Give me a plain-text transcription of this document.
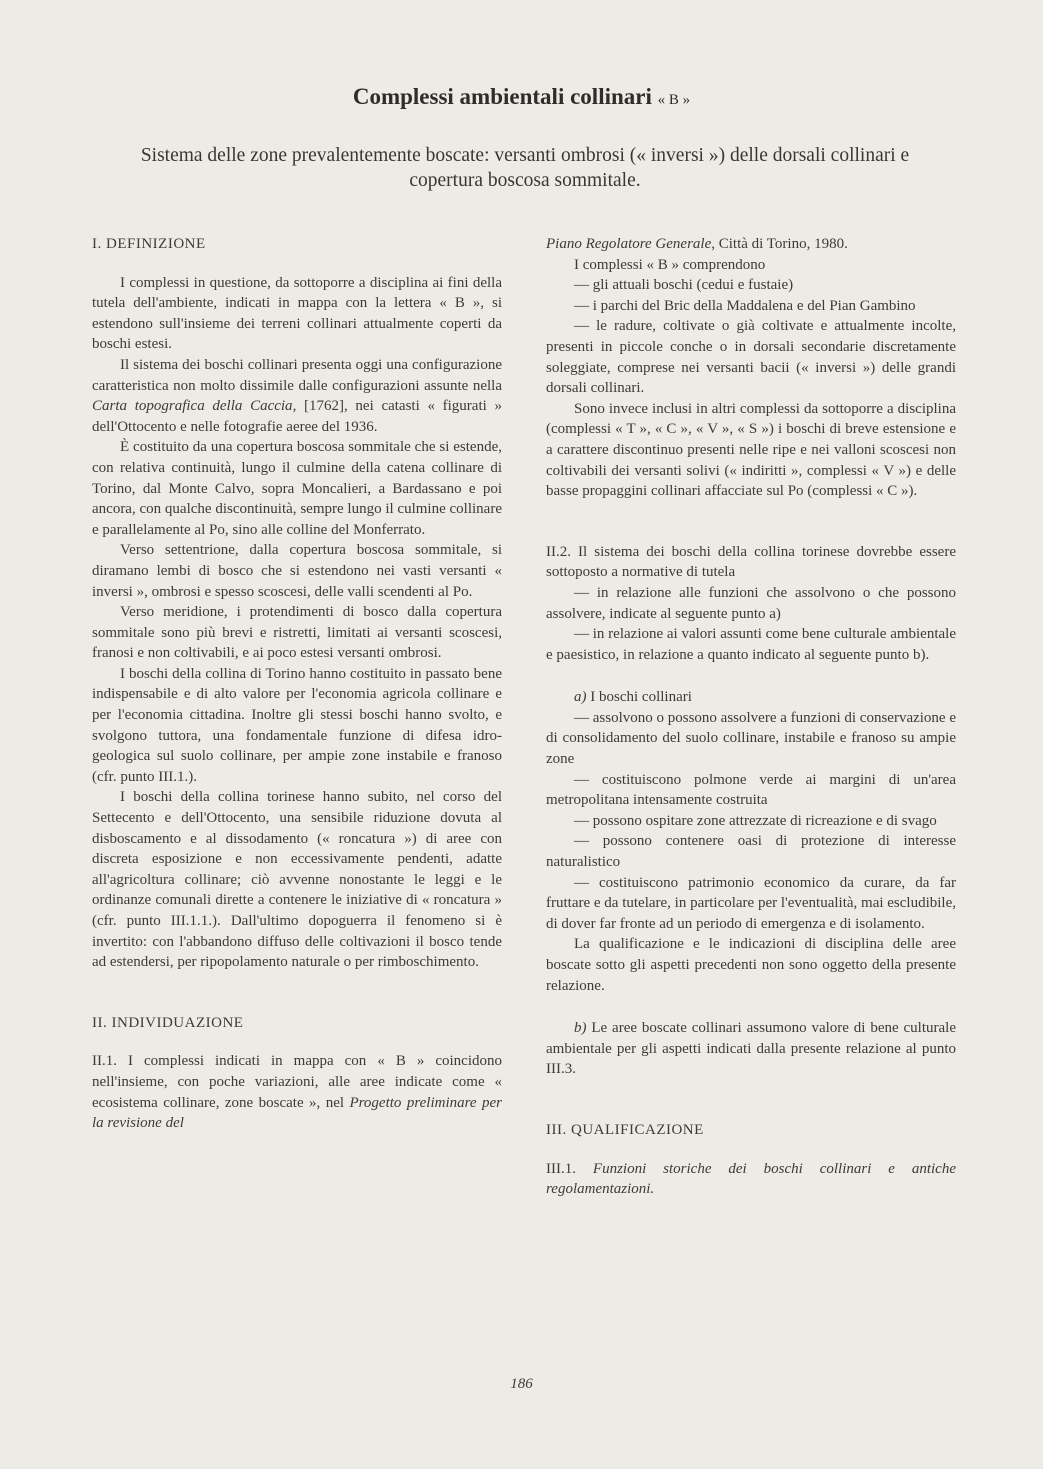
Complessi ambientali collinari « B »
Sistema delle zone prevalentemente boscate: versanti ombrosi (« inversi ») delle dorsali collinari e copertura boscosa sommitale.

I. DEFINIZIONE

I complessi in questione, da sottoporre a disciplina ai fini della tutela dell'ambiente, indicati in mappa con la lettera « B », si estendono sull'insieme dei terreni collinari attualmente coperti da boschi estesi.

Il sistema dei boschi collinari presenta oggi una configurazione caratteristica non molto dissimile dalle configurazioni assunte nella Carta topografica della Caccia, [1762], nei catasti « figurati » dell'Ottocento e nelle fotografie aeree del 1936.

È costituito da una copertura boscosa sommitale che si estende, con relativa continuità, lungo il culmine della catena collinare di Torino, dal Monte Calvo, sopra Moncalieri, a Bardassano e poi ancora, con qualche discontinuità, sempre lungo il culmine collinare e parallelamente al Po, sino alle colline del Monferrato.

Verso settentrione, dalla copertura boscosa sommitale, si diramano lembi di bosco che si estendono nei vasti versanti « inversi », ombrosi e spesso scoscesi, delle valli scendenti al Po.

Verso meridione, i protendimenti di bosco dalla copertura sommitale sono più brevi e ristretti, limitati ai versanti scoscesi, franosi e non coltivabili, e ai poco estesi versanti ombrosi.

I boschi della collina di Torino hanno costituito in passato bene indispensabile e di alto valore per l'economia agricola collinare e per l'economia cittadina. Inoltre gli stessi boschi hanno svolto, e svolgono tuttora, una fondamentale funzione di difesa idro-geologica sul suolo collinare, per ampie zone instabile e franoso (cfr. punto III.1.).

I boschi della collina torinese hanno subito, nel corso del Settecento e dell'Ottocento, una sensibile riduzione dovuta al disboscamento e al dissodamento (« roncatura ») di aree con discreta esposizione e non eccessivamente pendenti, adatte all'agricoltura collinare; ciò avvenne nonostante le leggi e le ordinanze comunali dirette a contenere le iniziative di « roncatura » (cfr. punto III.1.1.). Dall'ultimo dopoguerra il fenomeno si è invertito: con l'abbandono diffuso delle coltivazioni il bosco tende ad estendersi, per ripopolamento naturale o per rimboschimento.

II. INDIVIDUAZIONE

II.1. I complessi indicati in mappa con « B » coincidono nell'insieme, con poche variazioni, alle aree indicate come « ecosistema collinare, zone boscate », nel Progetto preliminare per la revisione del

Piano Regolatore Generale, Città di Torino, 1980.

I complessi « B » comprendono

— gli attuali boschi (cedui e fustaie)

— i parchi del Bric della Maddalena e del Pian Gambino

— le radure, coltivate o già coltivate e attualmente incolte, presenti in piccole conche o in dorsali secondarie discretamente soleggiate, comprese nei versanti bacii (« inversi ») delle grandi dorsali collinari.

Sono invece inclusi in altri complessi da sottoporre a disciplina (complessi « T », « C », « V », « S ») i boschi di breve estensione e a carattere discontinuo presenti nelle ripe e nei valloni scoscesi non coltivabili dei versanti solivi (« indiritti », complessi « V ») e delle basse propaggini collinari affacciate sul Po (complessi « C »).

II.2. Il sistema dei boschi della collina torinese dovrebbe essere sottoposto a normative di tutela

— in relazione alle funzioni che assolvono o che possono assolvere, indicate al seguente punto a)

— in relazione ai valori assunti come bene culturale ambientale e paesistico, in relazione a quanto indicato al seguente punto b).

a) I boschi collinari

— assolvono o possono assolvere a funzioni di conservazione e di consolidamento del suolo collinare, instabile e franoso su ampie zone

— costituiscono polmone verde ai margini di un'area metropolitana intensamente costruita

— possono ospitare zone attrezzate di ricreazione e di svago

— possono contenere oasi di protezione di interesse naturalistico

— costituiscono patrimonio economico da curare, da far fruttare e da tutelare, in particolare per l'eventualità, mai escludibile, di dover far fronte ad un periodo di emergenza e di isolamento.

La qualificazione e le indicazioni di disciplina delle aree boscate sotto gli aspetti precedenti non sono oggetto della presente relazione.

b) Le aree boscate collinari assumono valore di bene culturale ambientale per gli aspetti indicati dalla presente relazione al punto III.3.

III. QUALIFICAZIONE

III.1. Funzioni storiche dei boschi collinari e antiche regolamentazioni.

186
